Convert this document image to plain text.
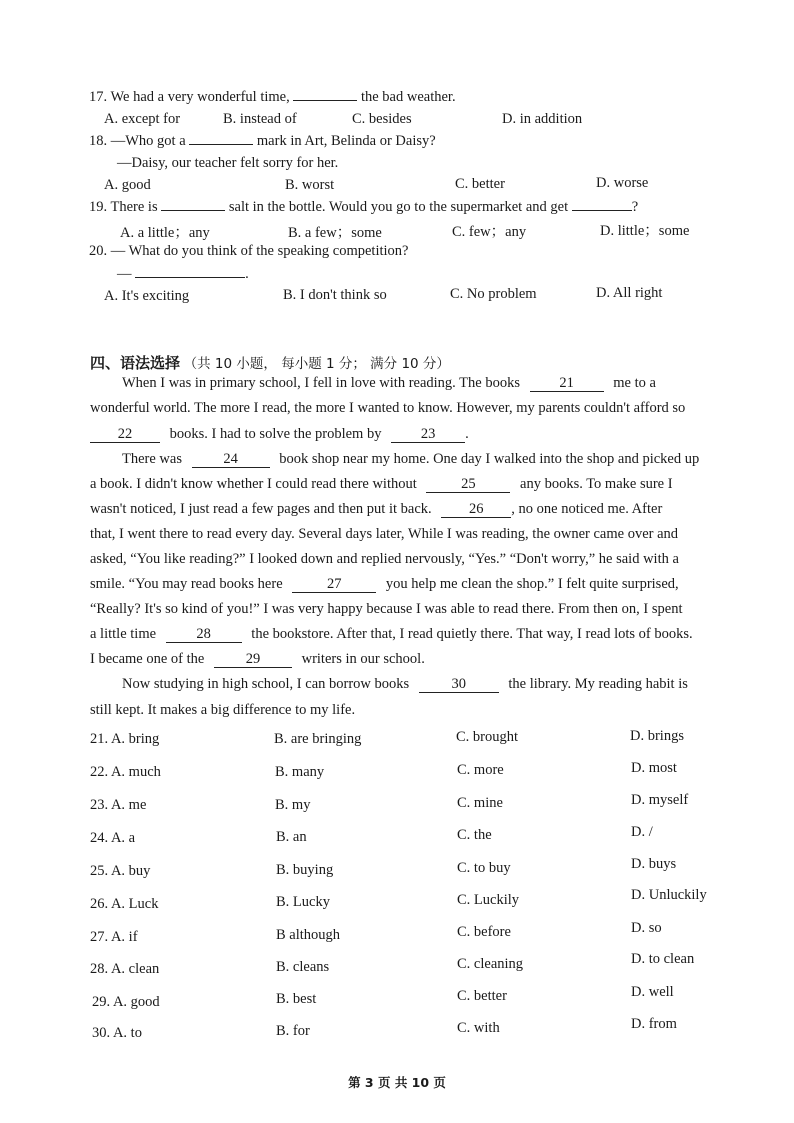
17. We had a very wonderful time,	the bad weather.
A. except for	B. instead of	C. besides	D. in addition
18. —Who got a	mark in Art, Belinda or Daisy?
—Daisy, our teacher felt sorry for her.
A. good	B. worst	C. better	D. worse
19. There is	salt in the bottle. Would you go to the supermarket and get	?
A. a little；any	B. a few；some	C. few；any	D. little；some
20. — What do you think of the speaking competition?
—	.
A. It's exciting	B. I don't think so	C. No problem	D. All right
四、语法选择 （共 10 小题， 每小题 1 分； 满分 10 分）
When I was in primary school, I fell in love with reading. The books	21	me to a
wonderful world. The more I read, the more I wanted to know. However, my parents couldn't afford so
22	books. I had to solve the problem by	23 .
There was	24	book shop near my home. One day I walked into the shop and picked up
a book. I didn't know whether I could read there without	25	any books. To make sure I
wasn't noticed, I just read a few pages and then put it back.	26 , no one noticed me. After
that, I went there to read every day. Several days later, While I was reading, the owner came over and
asked, “You like reading?” I looked down and replied nervously, “Yes.” “Don't worry,” he said with a
smile. “You may read books here	27	you help me clean the shop.” I felt quite surprised,
“Really? It's so kind of you!” I was very happy because I was able to read there. From then on, I spent
a little time	28	the bookstore. After that, I read quietly there. That way, I read lots of books.
I became one of the	29	writers in our school.
Now studying in high school, I can borrow books	30	the library. My reading habit is
still kept. It makes a big difference to my life.
21. A. bring	B. are bringing	C. brought	D. brings
22. A. much	B. many	C. more	D. most
23. A. me	B. my	C. mine	D. myself
24. A. a	B. an	C. the	D. /
25. A. buy	B. buying	C. to buy	D. buys
26. A. Luck	B. Lucky	C. Luckily	D. Unluckily
27. A. if	B although	C. before	D. so
28. A. clean	B. cleans	C. cleaning	D. to clean
29. A. good	B. best	C. better	D. well
30. A. to	B. for	C. with	D. from
第 3 页 共 10 页
